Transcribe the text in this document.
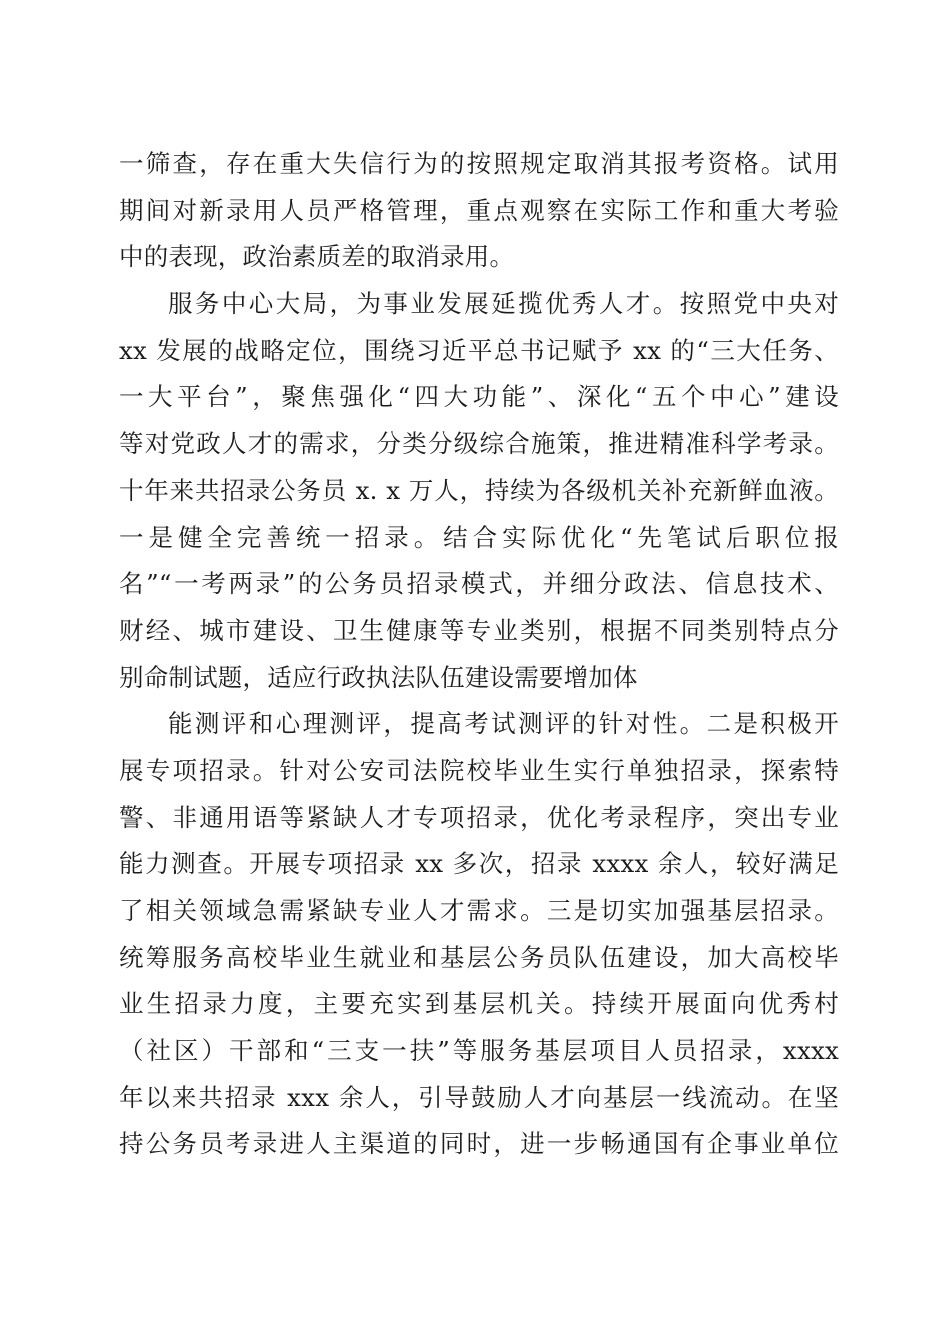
一筛查，存在重大失信行为的按照规定取消其报考资格。试用
期间对新录用人员严格管理，重点观察在实际工作和重大考验
中的表现，政治素质差的取消录用。
服务中心大局，为事业发展延揽优秀人才。按照党中央对
xx 发展的战略定位，围绕习近平总书记赋予 xx 的“三大任务、
一大平台”，聚焦强化“四大功能”、深化“五个中心”建设
等对党政人才的需求，分类分级综合施策，推进精准科学考录。
十年来共招录公务员 x. x 万人，持续为各级机关补充新鲜血液。
一是健全完善统一招录。结合实际优化“先笔试后职位报
名”“一考两录”的公务员招录模式，并细分政法、信息技术、
财经、城市建设、卫生健康等专业类别，根据不同类别特点分
别命制试题，适应行政执法队伍建设需要增加体
能测评和心理测评，提高考试测评的针对性。二是积极开
展专项招录。针对公安司法院校毕业生实行单独招录，探索特
警、非通用语等紧缺人才专项招录，优化考录程序，突出专业
能力测查。开展专项招录 xx 多次，招录 xxxx 余人，较好满足
了相关领域急需紧缺专业人才需求。三是切实加强基层招录。
统筹服务高校毕业生就业和基层公务员队伍建设，加大高校毕
业生招录力度，主要充实到基层机关。持续开展面向优秀村
（社区）干部和“三支一扶”等服务基层项目人员招录，xxxx
年以来共招录 xxx 余人，引导鼓励人才向基层一线流动。在坚
持公务员考录进人主渠道的同时，进一步畅通国有企事业单位
